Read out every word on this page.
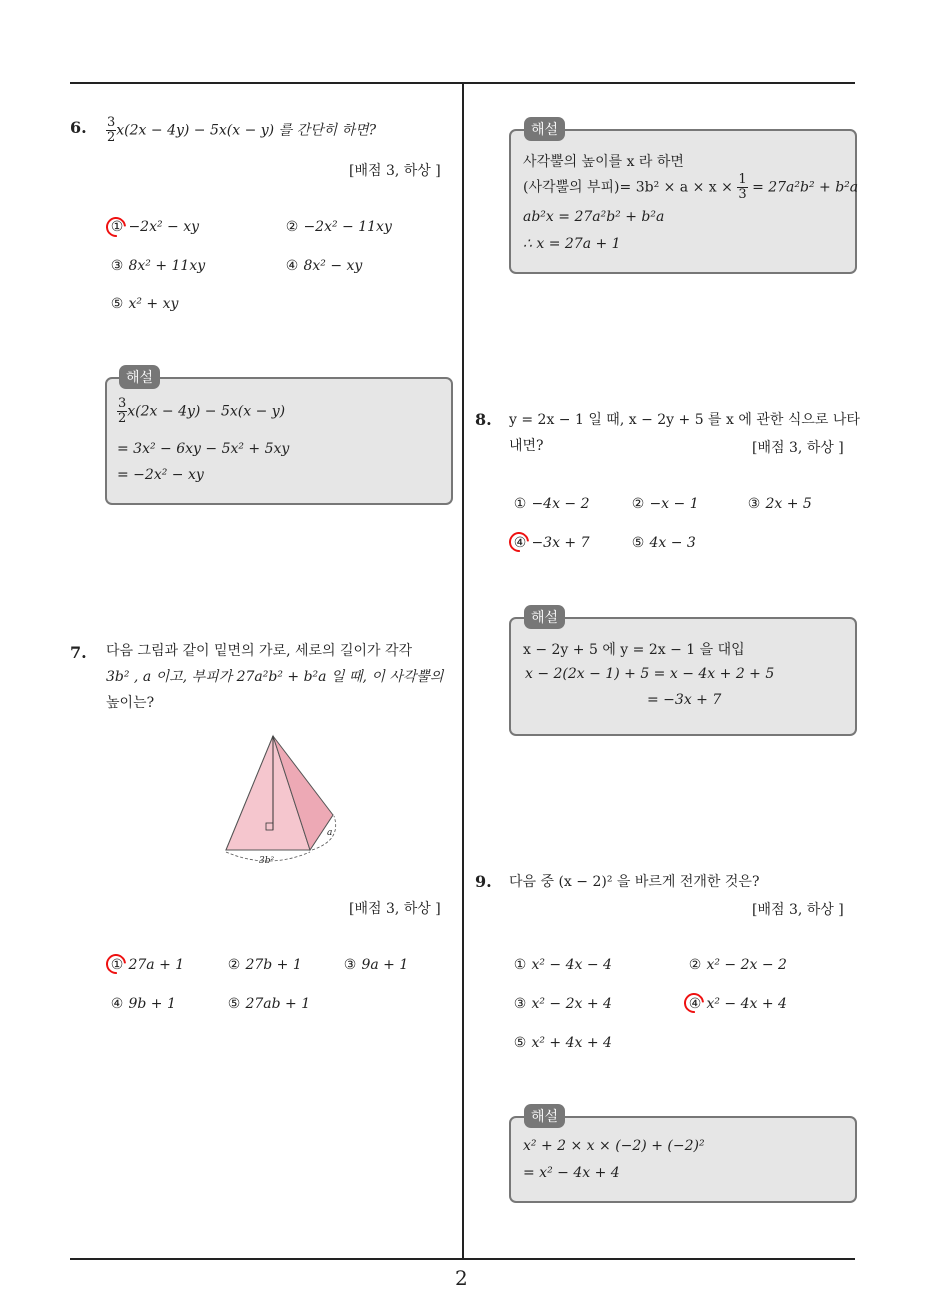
2
6. $\frac{3}{2} x(2x - 4y) - 5x(x - y)$ 를 간단히 하면?
[배점 3, 하상 ]
① −2x² − xy	② −2x² − 11xy
③ 8x² + 11xy	④ 8x² − xy
⑤ x² + xy
$\frac{3}{2} x(2x - 4y) - 5x(x - y)$
= 3x² − 6xy − 5x² + 5xy
= −2x² − xy
해설
7. 다음 그림과 같이 밑면의 가로, 세로의 길이가 각각
3b² , a 이고, 부피가 27a²b² + b²a 일 때, 이 사각뿔의
높이는?
3b²
a
[배점 3, 하상 ]
① 27a + 1	② 27b + 1	③ 9a + 1
④ 9b + 1	⑤ 27ab + 1
사각뿔의 높이를 x 라 하면
(사각뿔의 부피)= $3b^2 \times a \times x \times \frac{1}{3} = 27a^2b^2 + b^2a$
ab²x = 27a²b² + b²a
∴ x = 27a + 1
해설
8. y = 2x − 1 일 때, x − 2y + 5 를 x 에 관한 식으로 나타
내면?	[배점 3, 하상 ]
① −4x − 2	② −x − 1	③ 2x + 5
④ −3x + 7	⑤ 4x − 3
x − 2y + 5 에 y = 2x − 1 을 대입
x − 2(2x − 1) + 5 = x − 4x + 2 + 5
= −3x + 7
해설
9. 다음 중 (x − 2)² 을 바르게 전개한 것은?
[배점 3, 하상 ]
① x² − 4x − 4	② x² − 2x − 2
③ x² − 2x + 4	④ x² − 4x + 4
⑤ x² + 4x + 4
x² + 2 × x × (−2) + (−2)²
= x² − 4x + 4
해설
